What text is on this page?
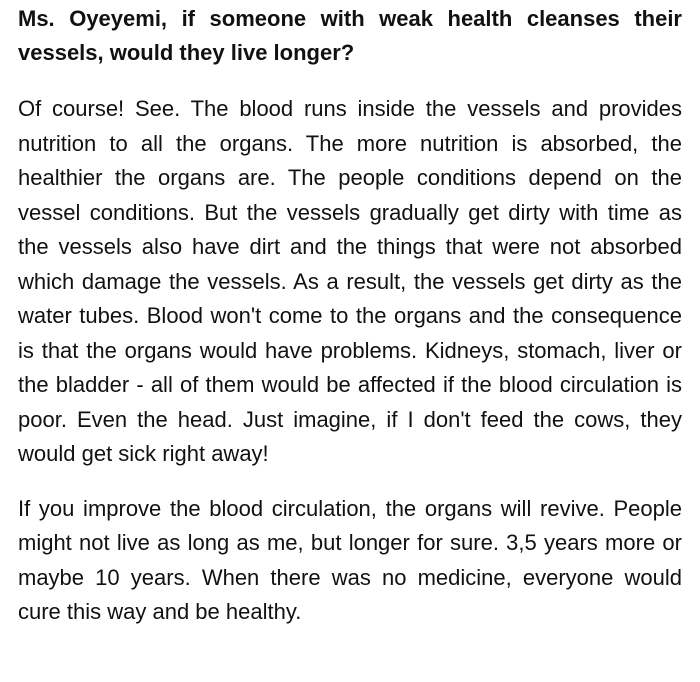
Ms. Oyeyemi, if someone with weak health cleanses their vessels, would they live longer?

Of course! See. The blood runs inside the vessels and provides nutrition to all the organs. The more nutrition is absorbed, the healthier the organs are. The people conditions depend on the vessel conditions. But the vessels gradually get dirty with time as the vessels also have dirt and the things that were not absorbed which damage the vessels. As a result, the vessels get dirty as the water tubes. Blood won't come to the organs and the consequence is that the organs would have problems. Kidneys, stomach, liver or the bladder - all of them would be affected if the blood circulation is poor. Even the head. Just imagine, if I don't feed the cows, they would get sick right away!

If you improve the blood circulation, the organs will revive. People might not live as long as me, but longer for sure. 3,5 years more or maybe 10 years. When there was no medicine, everyone would cure this way and be healthy.
